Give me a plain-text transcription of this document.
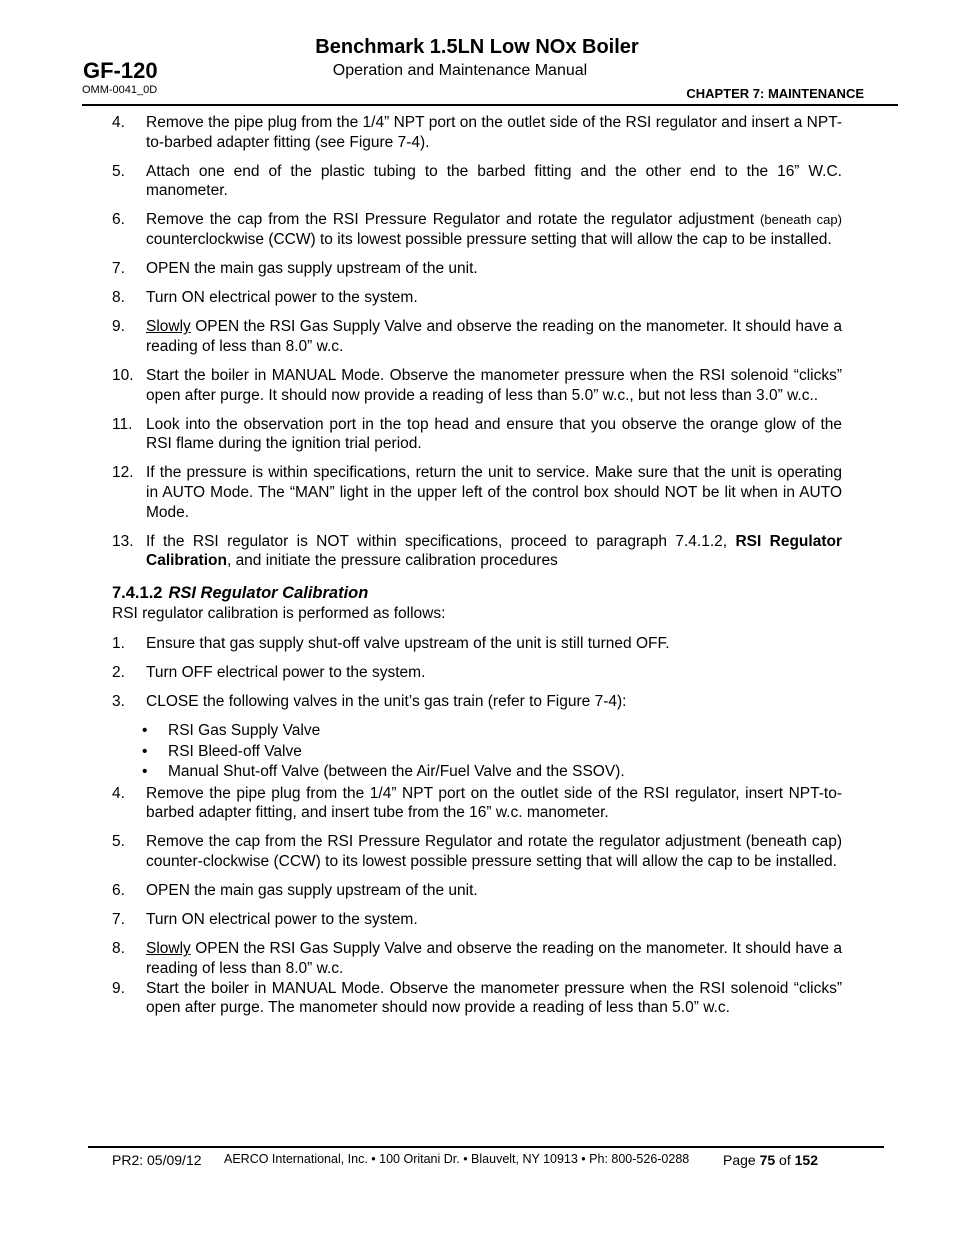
Benchmark 1.5LN Low NOx Boiler
Operation and Maintenance Manual
GF-120
OMM-0041_0D	CHAPTER 7: MAINTENANCE
4. Remove the pipe plug from the 1/4” NPT port on the outlet side of the RSI regulator and insert a NPT-to-barbed adapter fitting (see Figure 7-4).
5. Attach one end of the plastic tubing to the barbed fitting and the other end to the 16” W.C. manometer.
6. Remove the cap from the RSI Pressure Regulator and rotate the regulator adjustment (beneath cap) counterclockwise (CCW) to its lowest possible pressure setting that will allow the cap to be installed.
7. OPEN the main gas supply upstream of the unit.
8. Turn ON electrical power to the system.
9. Slowly OPEN the RSI Gas Supply Valve and observe the reading on the manometer. It should have a reading of less than 8.0” w.c.
10. Start the boiler in MANUAL Mode. Observe the manometer pressure when the RSI solenoid “clicks” open after purge. It should now provide a reading of less than 5.0” w.c., but not less than 3.0” w.c..
11. Look into the observation port in the top head and ensure that you observe the orange glow of the RSI flame during the ignition trial period.
12. If the pressure is within specifications, return the unit to service. Make sure that the unit is operating in AUTO Mode. The “MAN” light in the upper left of the control box should NOT be lit when in AUTO Mode.
13. If the RSI regulator is NOT within specifications, proceed to paragraph 7.4.1.2, RSI Regulator Calibration, and initiate the pressure calibration procedures
7.4.1.2 RSI Regulator Calibration
RSI regulator calibration is performed as follows:
1. Ensure that gas supply shut-off valve upstream of the unit is still turned OFF.
2. Turn OFF electrical power to the system.
3. CLOSE the following valves in the unit’s gas train (refer to Figure 7-4):
• RSI Gas Supply Valve
• RSI Bleed-off Valve
• Manual Shut-off Valve (between the Air/Fuel Valve and the SSOV).
4. Remove the pipe plug from the 1/4” NPT port on the outlet side of the RSI regulator, insert NPT-to-barbed adapter fitting, and insert tube from the 16” w.c. manometer.
5. Remove the cap from the RSI Pressure Regulator and rotate the regulator adjustment (beneath cap) counter-clockwise (CCW) to its lowest possible pressure setting that will allow the cap to be installed.
6. OPEN the main gas supply upstream of the unit.
7. Turn ON electrical power to the system.
8. Slowly OPEN the RSI Gas Supply Valve and observe the reading on the manometer. It should have a reading of less than 8.0” w.c.
9. Start the boiler in MANUAL Mode. Observe the manometer pressure when the RSI solenoid “clicks” open after purge. The manometer should now provide a reading of less than 5.0” w.c.
PR2: 05/09/12 AERCO International, Inc. • 100 Oritani Dr. • Blauvelt, NY 10913 • Ph: 800-526-0288 Page 75 of 152
